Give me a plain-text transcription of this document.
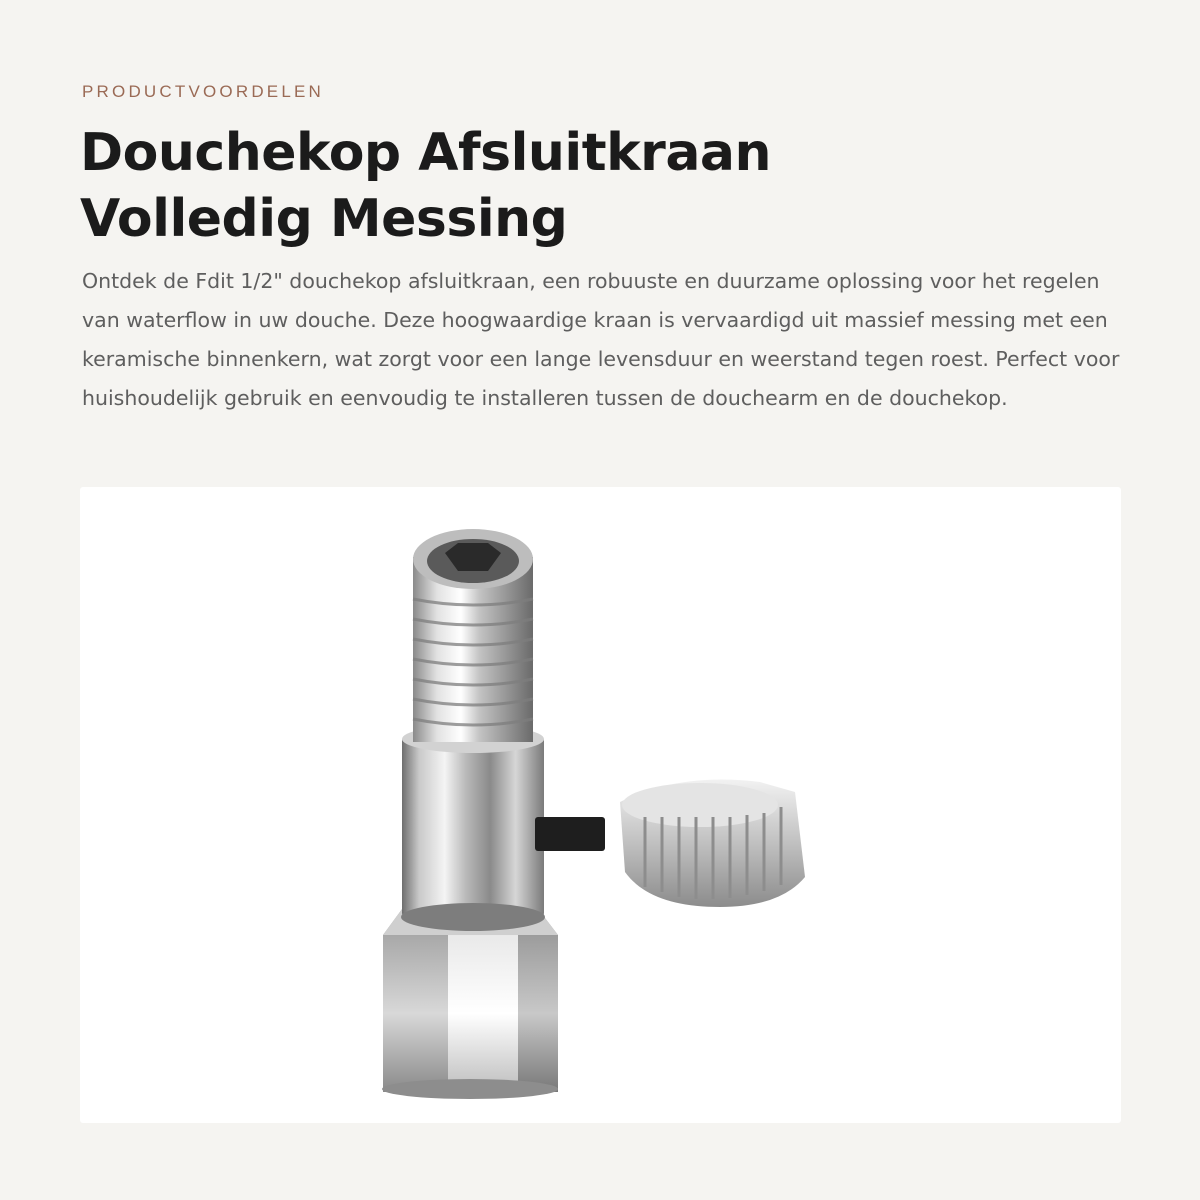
PRODUCTVOORDELEN
Douchekop Afsluitkraan
Volledig Messing

Ontdek de Fdit 1/2" douchekop afsluitkraan, een robuuste en duurzame oplossing voor het regelen van waterflow in uw douche. Deze hoogwaardige kraan is vervaardigd uit massief messing met een keramische binnenkern, wat zorgt voor een lange levensduur en weerstand tegen roest. Perfect voor huishoudelijk gebruik en eenvoudig te installeren tussen de douchearm en de douchekop.
